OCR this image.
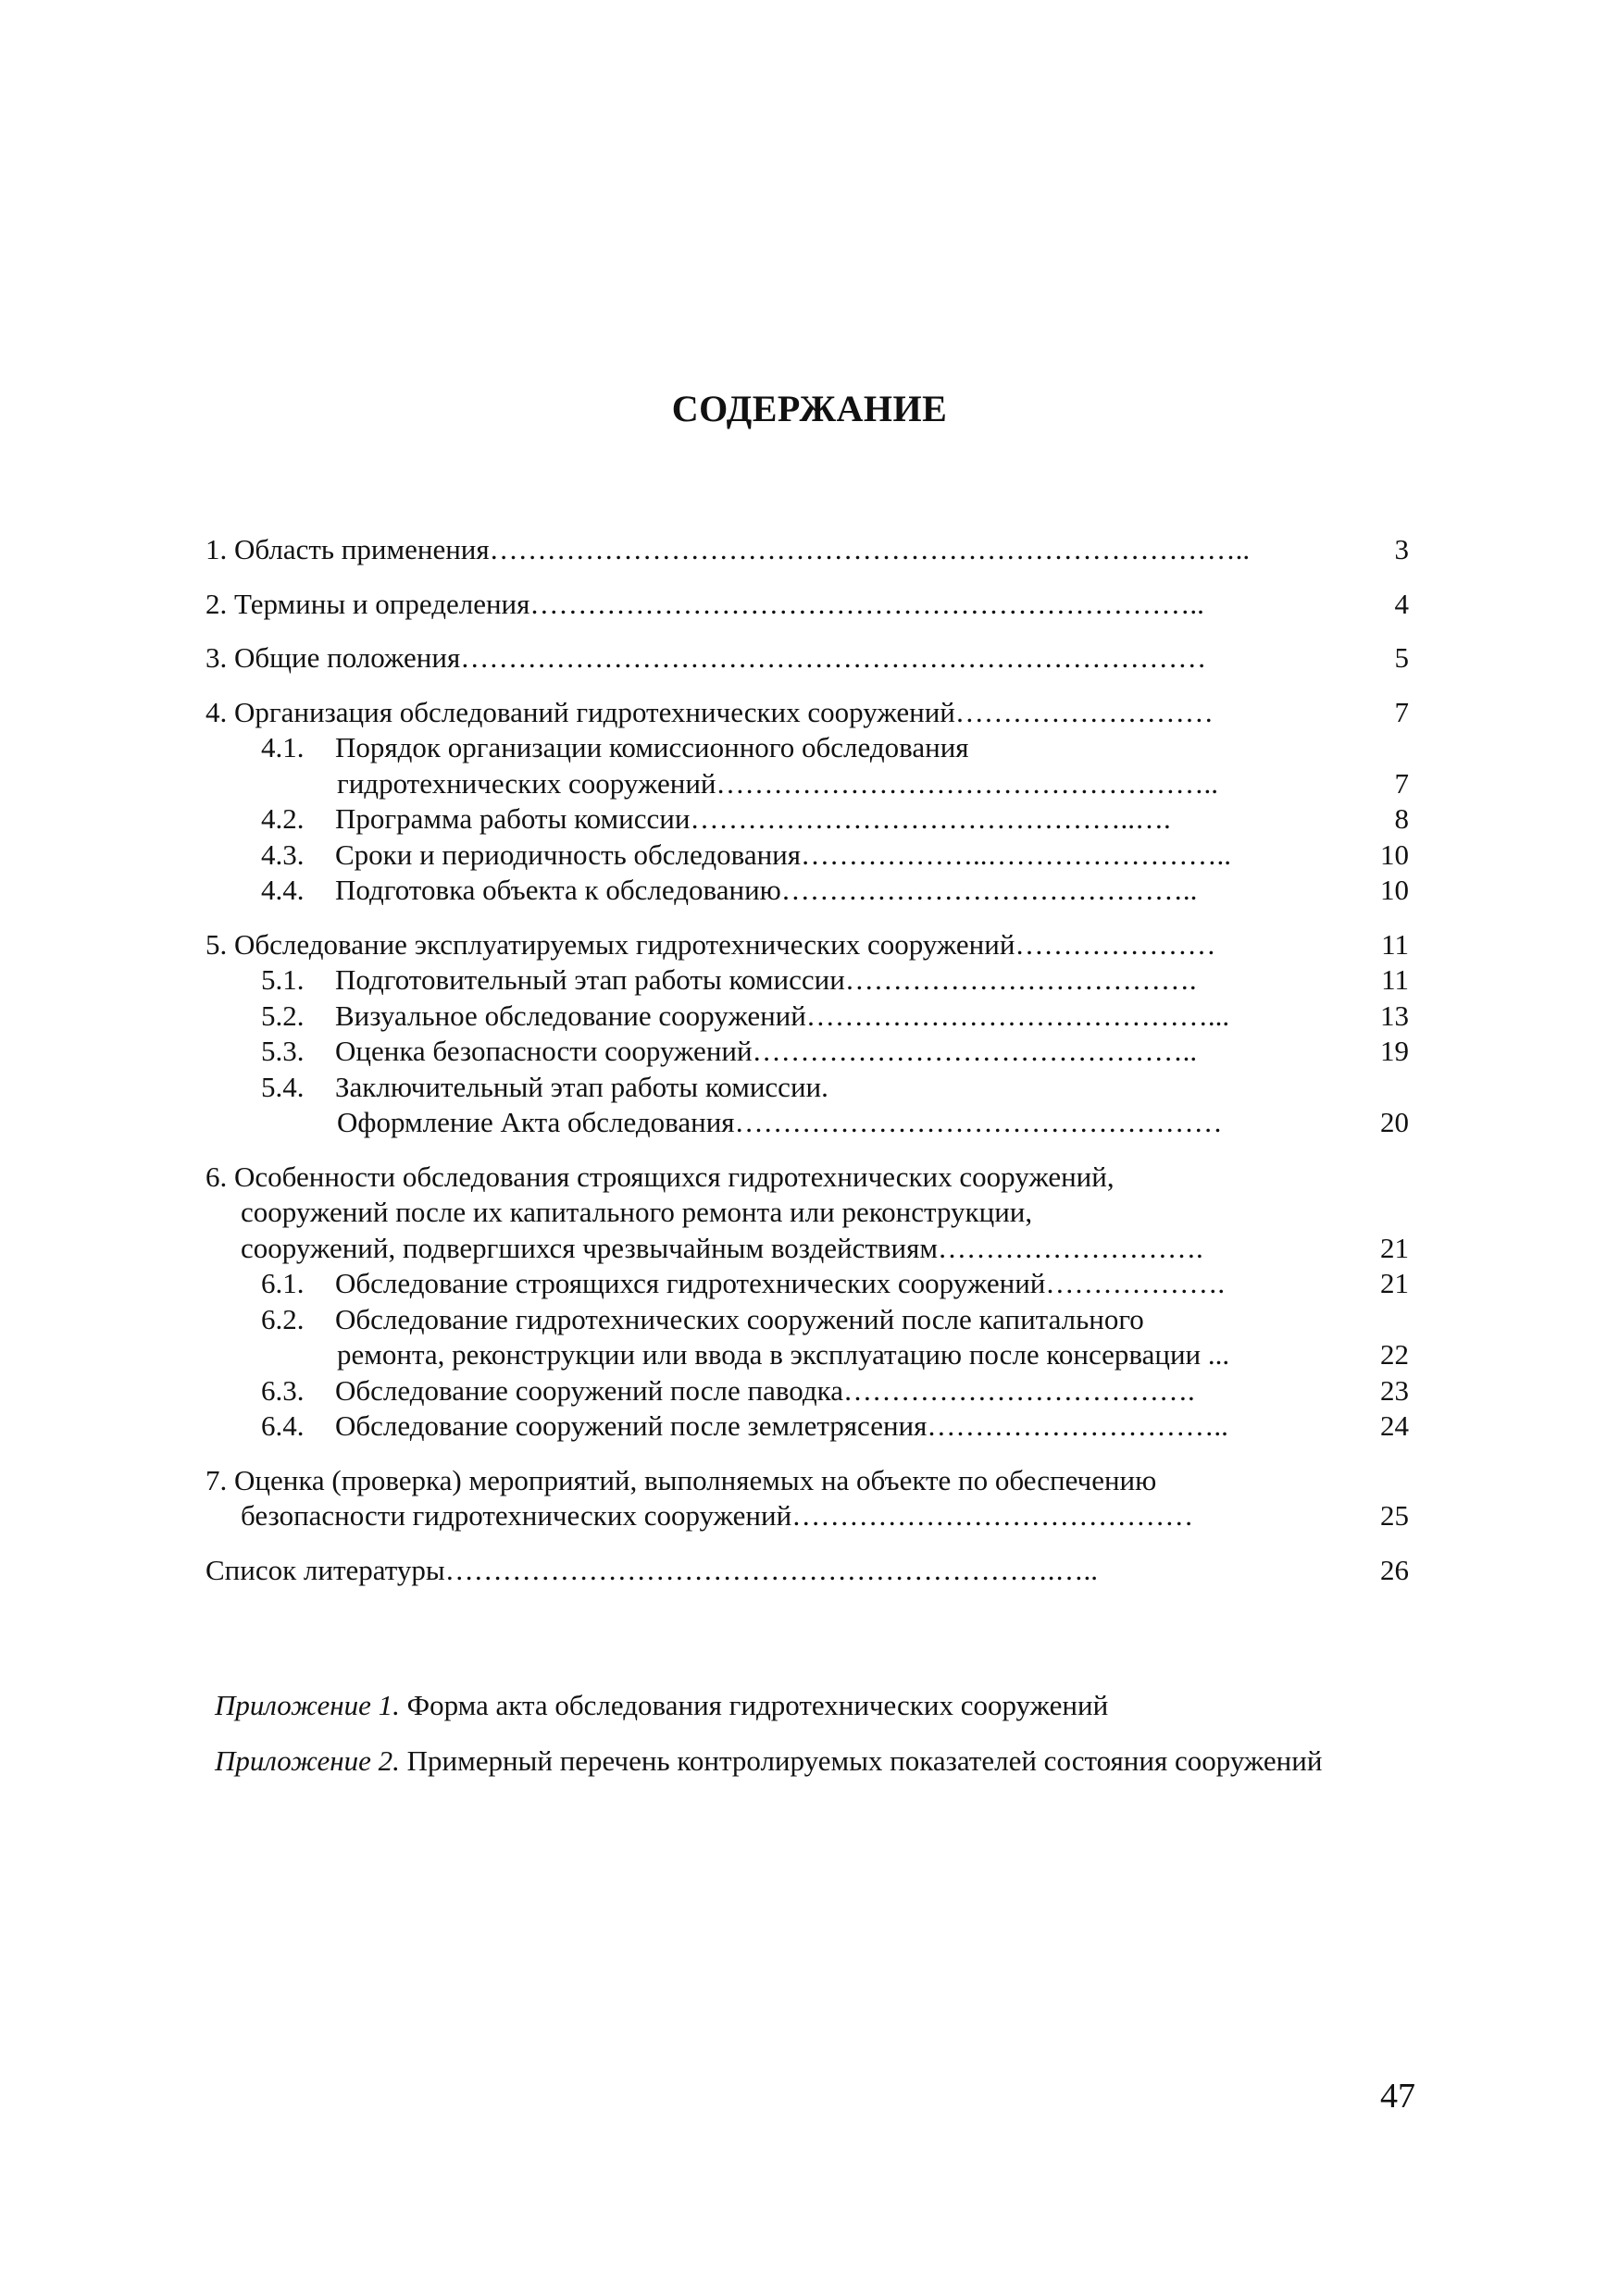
СОДЕРЖАНИЕ
1. Область применения ……………………………………………………………………..	3
2. Термины и определения ……………………………………………………………..	4
3. Общие положения ……………………………………………………………………	5
4. Организация обследований гидротехнических сооружений ………………………	7
4.1.	Порядок организации комиссионного обследования
гидротехнических сооружений ……………………………………………..	7
4.2.	Программа работы комиссии ………………………………………..….	8
4.3.	Сроки и периодичность обследования ………………..……………………..	10
4.4.	Подготовка объекта к обследованию ……………………………………..	10
5. Обследование эксплуатируемых гидротехнических сооружений …………………	11
5.1.	Подготовительный этап работы комиссии ……………………………….	11
5.2.	Визуальное обследование сооружений ……………………………………...	13
5.3.	Оценка безопасности сооружений ………………………………………..	19
5.4.	Заключительный этап работы комиссии.
Оформление Акта обследования ……………………………………………	20
6. Особенности обследования строящихся гидротехнических сооружений,
сооружений после их капитального ремонта или реконструкции,
сооружений, подвергшихся чрезвычайным воздействиям ……………………….	21
6.1.	Обследование строящихся гидротехнических сооружений ……………….	21
6.2.	Обследование гидротехнических сооружений после капитального
ремонта, реконструкции или ввода в эксплуатацию после консервации ...	22
6.3.	Обследование сооружений после паводка ……………………………….	23
6.4.	Обследование сооружений после землетрясения …………………………..	24
7. Оценка (проверка) мероприятий, выполняемых на объекте по обеспечению
безопасности гидротехнических сооружений ……………………………………	25
Список литературы ……………………………………………………….…..	26
Приложение 1. Форма акта обследования гидротехнических сооружений
Приложение 2. Примерный перечень контролируемых показателей состояния сооружений
47
